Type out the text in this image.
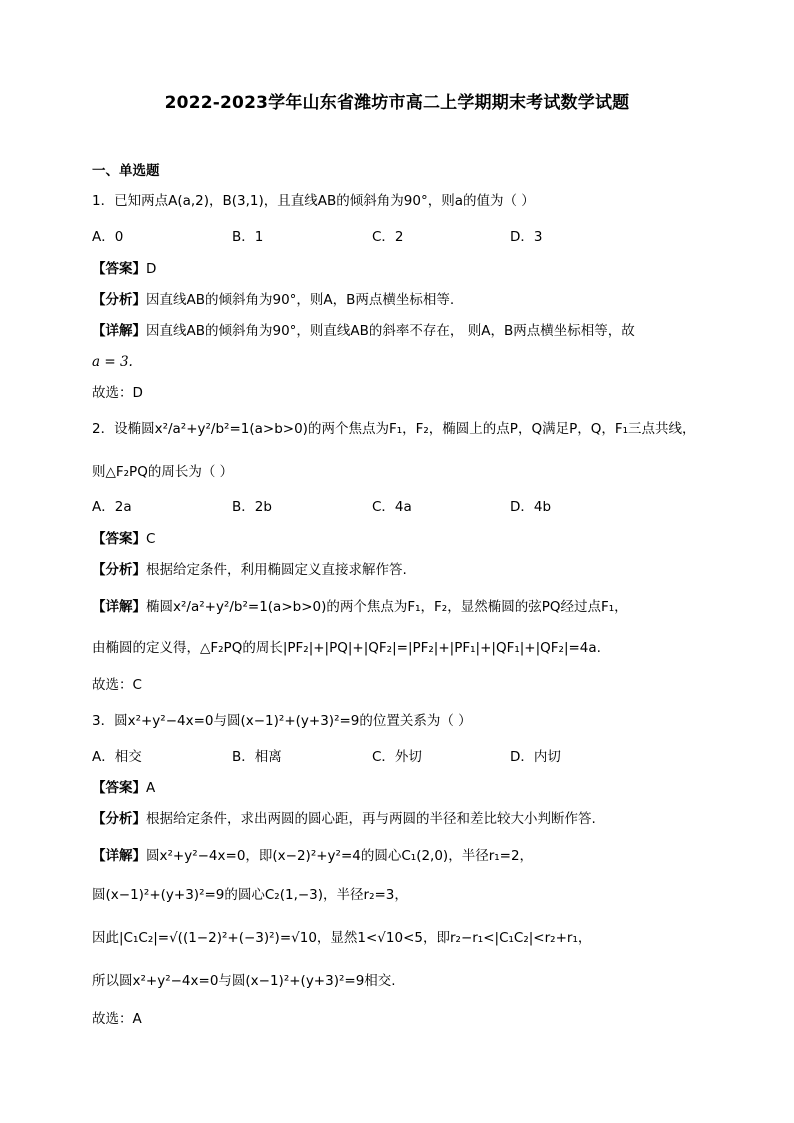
2022-2023学年山东省潍坊市高二上学期期末考试数学试题
一、单选题
1．已知两点A(a,2)，B(3,1)，且直线AB的倾斜角为90°，则a的值为（ ）
A．0	B．1	C．2	D．3
【答案】D
【分析】因直线AB的倾斜角为90°，则A，B两点横坐标相等.
【详解】因直线AB的倾斜角为90°，则直线AB的斜率不存在， 则A，B两点横坐标相等，故
a = 3.
故选：D
2．设椭圆x²/a²+y²/b²=1(a>b>0)的两个焦点为F₁，F₂，椭圆上的点P，Q满足P，Q，F₁三点共线，
则△F₂PQ的周长为（ ）
A．2a	B．2b	C．4a	D．4b
【答案】C
【分析】根据给定条件，利用椭圆定义直接求解作答.
【详解】椭圆x²/a²+y²/b²=1(a>b>0)的两个焦点为F₁，F₂，显然椭圆的弦PQ经过点F₁，
由椭圆的定义得，△F₂PQ的周长|PF₂|+|PQ|+|QF₂|=|PF₂|+|PF₁|+|QF₁|+|QF₂|=4a.
故选：C
3．圆x²+y²−4x=0与圆(x−1)²+(y+3)²=9的位置关系为（ ）
A．相交	B．相离	C．外切	D．内切
【答案】A
【分析】根据给定条件，求出两圆的圆心距，再与两圆的半径和差比较大小判断作答.
【详解】圆x²+y²−4x=0，即(x−2)²+y²=4的圆心C₁(2,0)，半径r₁=2，
圆(x−1)²+(y+3)²=9的圆心C₂(1,−3)，半径r₂=3，
因此|C₁C₂|=√((1−2)²+(−3)²)=√10，显然1<√10<5，即r₂−r₁<|C₁C₂|<r₂+r₁，
所以圆x²+y²−4x=0与圆(x−1)²+(y+3)²=9相交.
故选：A
